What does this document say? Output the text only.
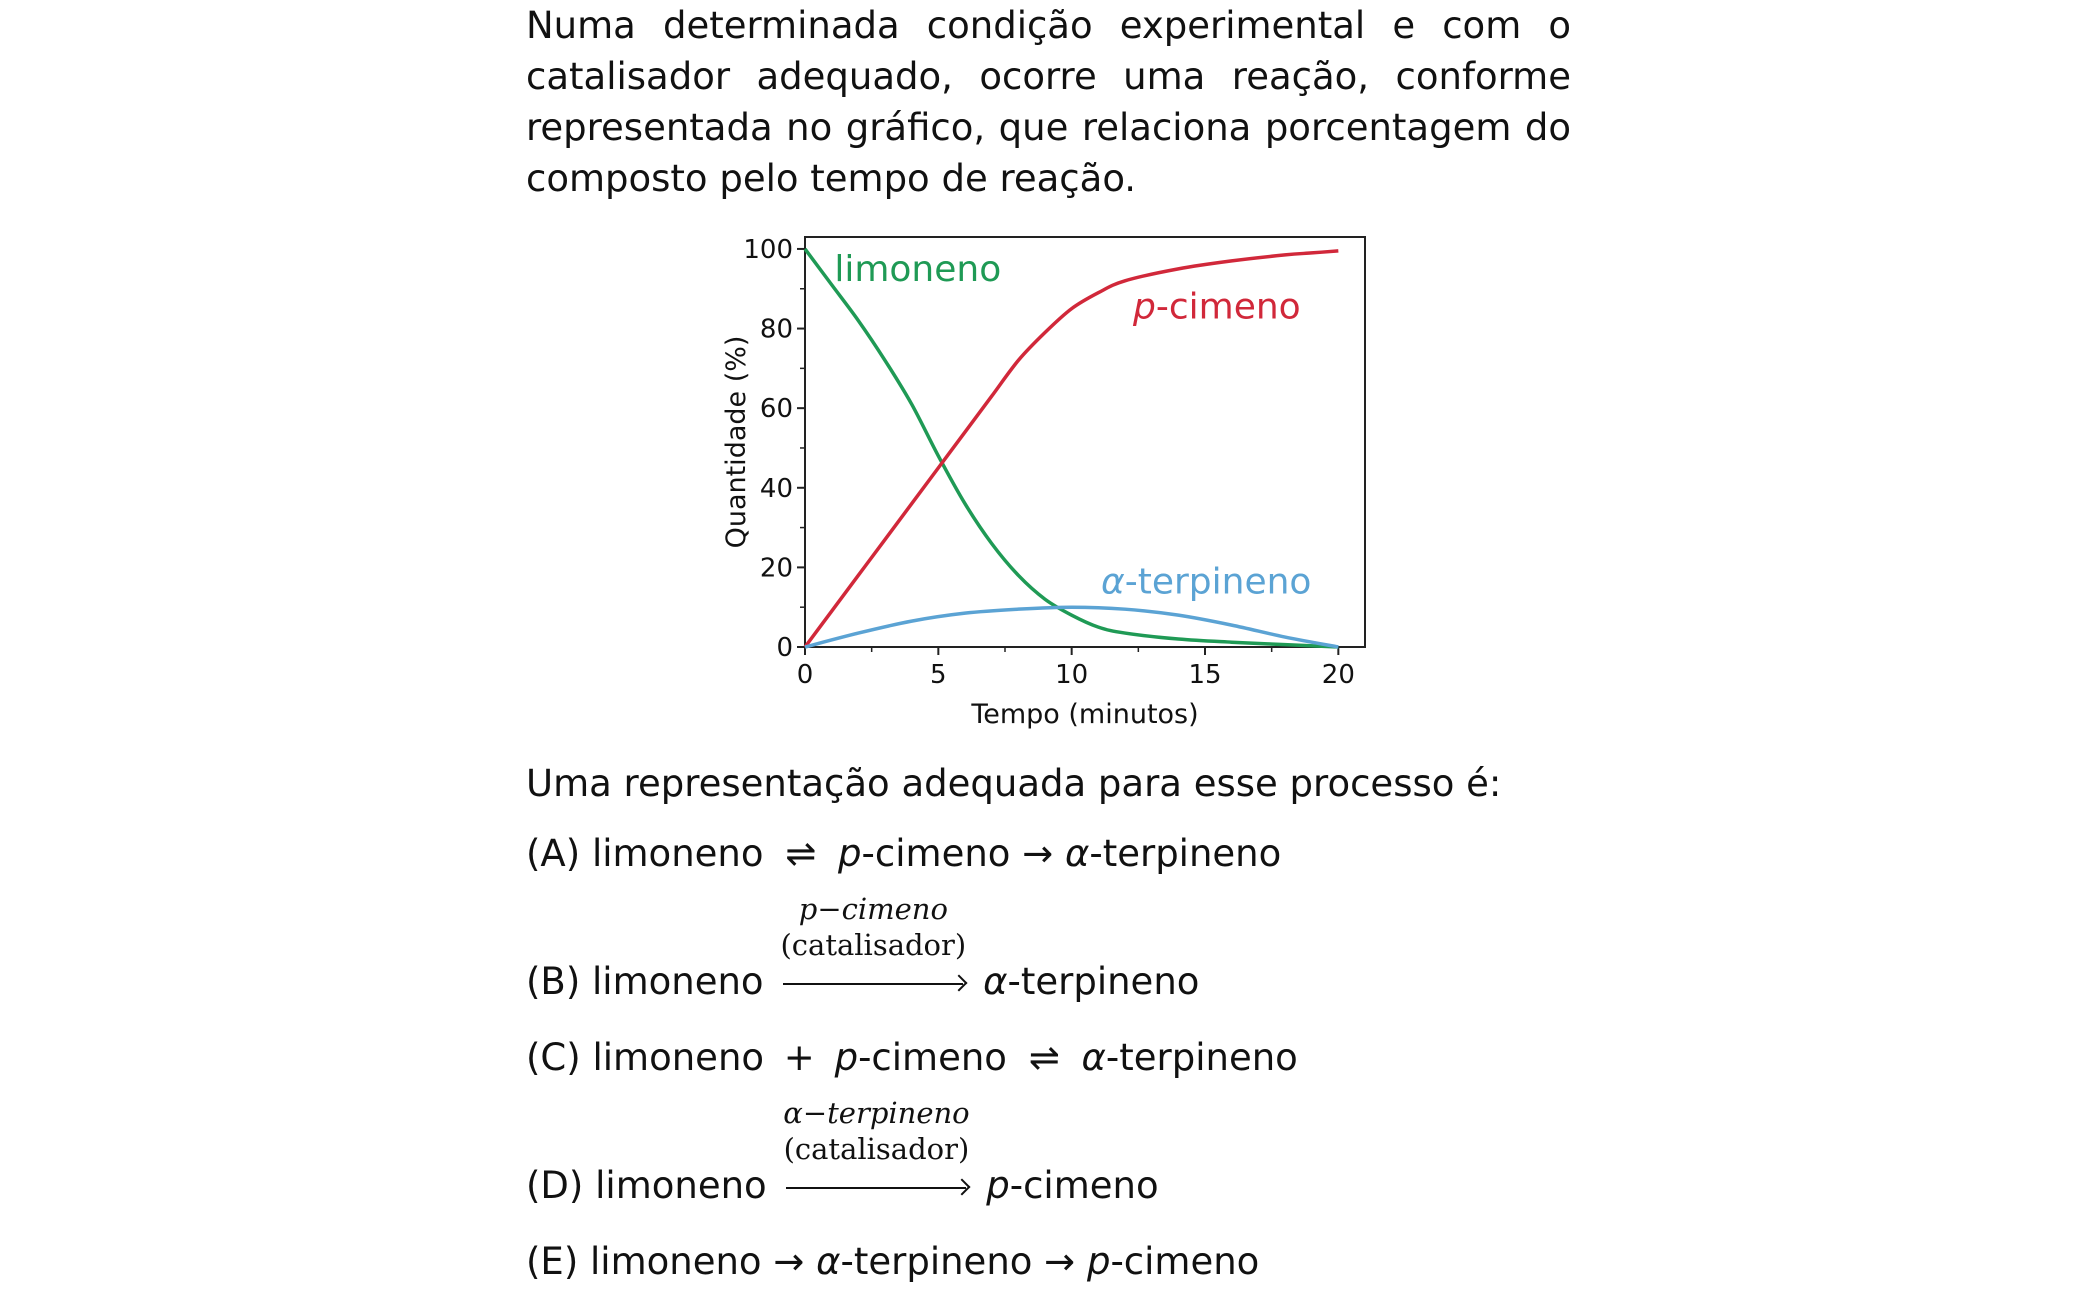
Numa determinada condição experimental e com o catalisador adequado, ocorre uma reação, conforme representada no gráfico, que relaciona porcentagem do composto pelo tempo de reação.

0	5	10	15	20
0
20
40
60
80
100
Tempo (minutos)
Quantidade (%)
limoneno
p-cimeno
α-terpineno

Uma representação adequada para esse processo é:

(A) limoneno ⇌ p-cimeno → α-terpineno
(B) limoneno
p−cimeno
(catalisador)
α-terpineno
(C) limoneno + p-cimeno ⇌ α-terpineno
(D) limoneno
α−terpineno
(catalisador)
p-cimeno
(E) limoneno → α-terpineno → p-cimeno
